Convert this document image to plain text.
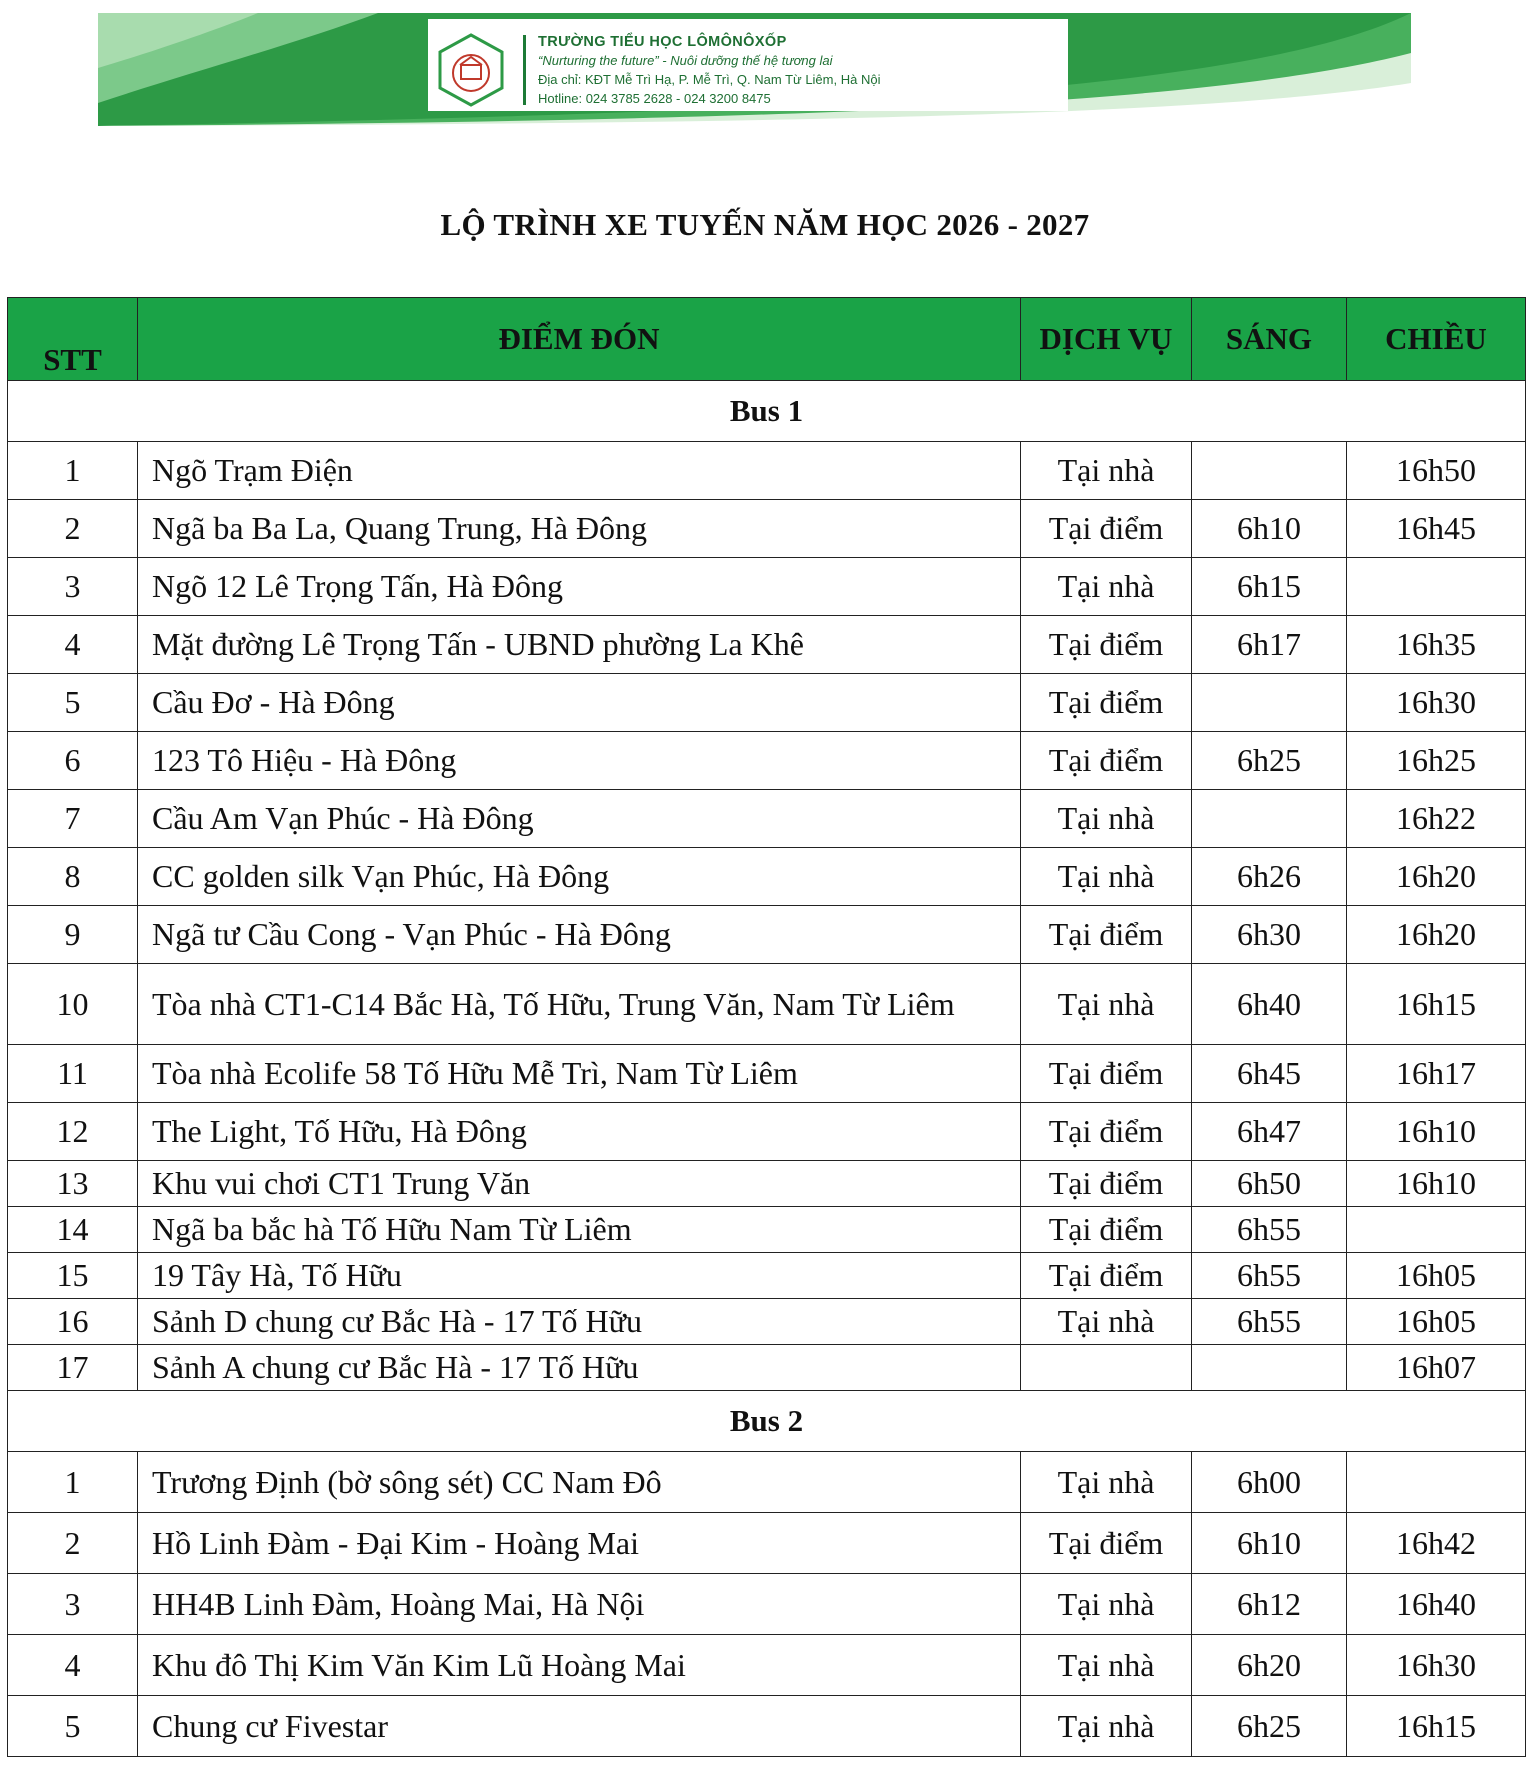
TRƯỜNG TIỂU HỌC LÔMÔNÔXỐP
“Nurturing the future” - Nuôi dưỡng thế hệ tương lai
Địa chỉ: KĐT Mễ Trì Hạ, P. Mễ Trì, Q. Nam Từ Liêm, Hà Nội
Hotline: 024 3785 2628 - 024 3200 8475
LỘ TRÌNH XE TUYẾN NĂM HỌC 2026 - 2027
STT	ĐIỂM ĐÓN	DỊCH VỤ	SÁNG	CHIỀU
Bus 1				
1	Ngõ Trạm Điện	Tại nhà		16h50
2	Ngã ba Ba La, Quang Trung, Hà Đông	Tại điểm	6h10	16h45
3	Ngõ 12 Lê Trọng Tấn, Hà Đông	Tại nhà	6h15	
4	Mặt đường Lê Trọng Tấn - UBND phường La Khê	Tại điểm	6h17	16h35
5	Cầu Đơ - Hà Đông	Tại điểm		16h30
6	123 Tô Hiệu - Hà Đông	Tại điểm	6h25	16h25
7	Cầu Am Vạn Phúc - Hà Đông	Tại nhà		16h22
8	CC golden silk Vạn Phúc, Hà Đông	Tại nhà	6h26	16h20
9	Ngã tư Cầu Cong - Vạn Phúc - Hà Đông	Tại điểm	6h30	16h20
10	Tòa nhà CT1-C14 Bắc Hà, Tố Hữu, Trung Văn, Nam Từ Liêm	Tại nhà	6h40	16h15
11	Tòa nhà Ecolife 58 Tố Hữu Mễ Trì, Nam Từ Liêm	Tại điểm	6h45	16h17
12	The Light, Tố Hữu, Hà Đông	Tại điểm	6h47	16h10
13	Khu vui chơi CT1 Trung Văn	Tại điểm	6h50	16h10
14	Ngã ba bắc hà Tố Hữu Nam Từ Liêm	Tại điểm	6h55	
15	19 Tây Hà, Tố Hữu	Tại điểm	6h55	16h05
16	Sảnh D chung cư Bắc Hà - 17 Tố Hữu	Tại nhà	6h55	16h05
17	Sảnh A chung cư Bắc Hà - 17 Tố Hữu			16h07
Bus 2				
1	Trương Định (bờ sông sét) CC Nam Đô	Tại nhà	6h00	
2	Hồ Linh Đàm - Đại Kim - Hoàng Mai	Tại điểm	6h10	16h42
3	HH4B Linh Đàm, Hoàng Mai, Hà Nội	Tại nhà	6h12	16h40
4	Khu đô Thị Kim Văn Kim Lũ Hoàng Mai	Tại nhà	6h20	16h30
5	Chung cư Fivestar	Tại nhà	6h25	16h15
